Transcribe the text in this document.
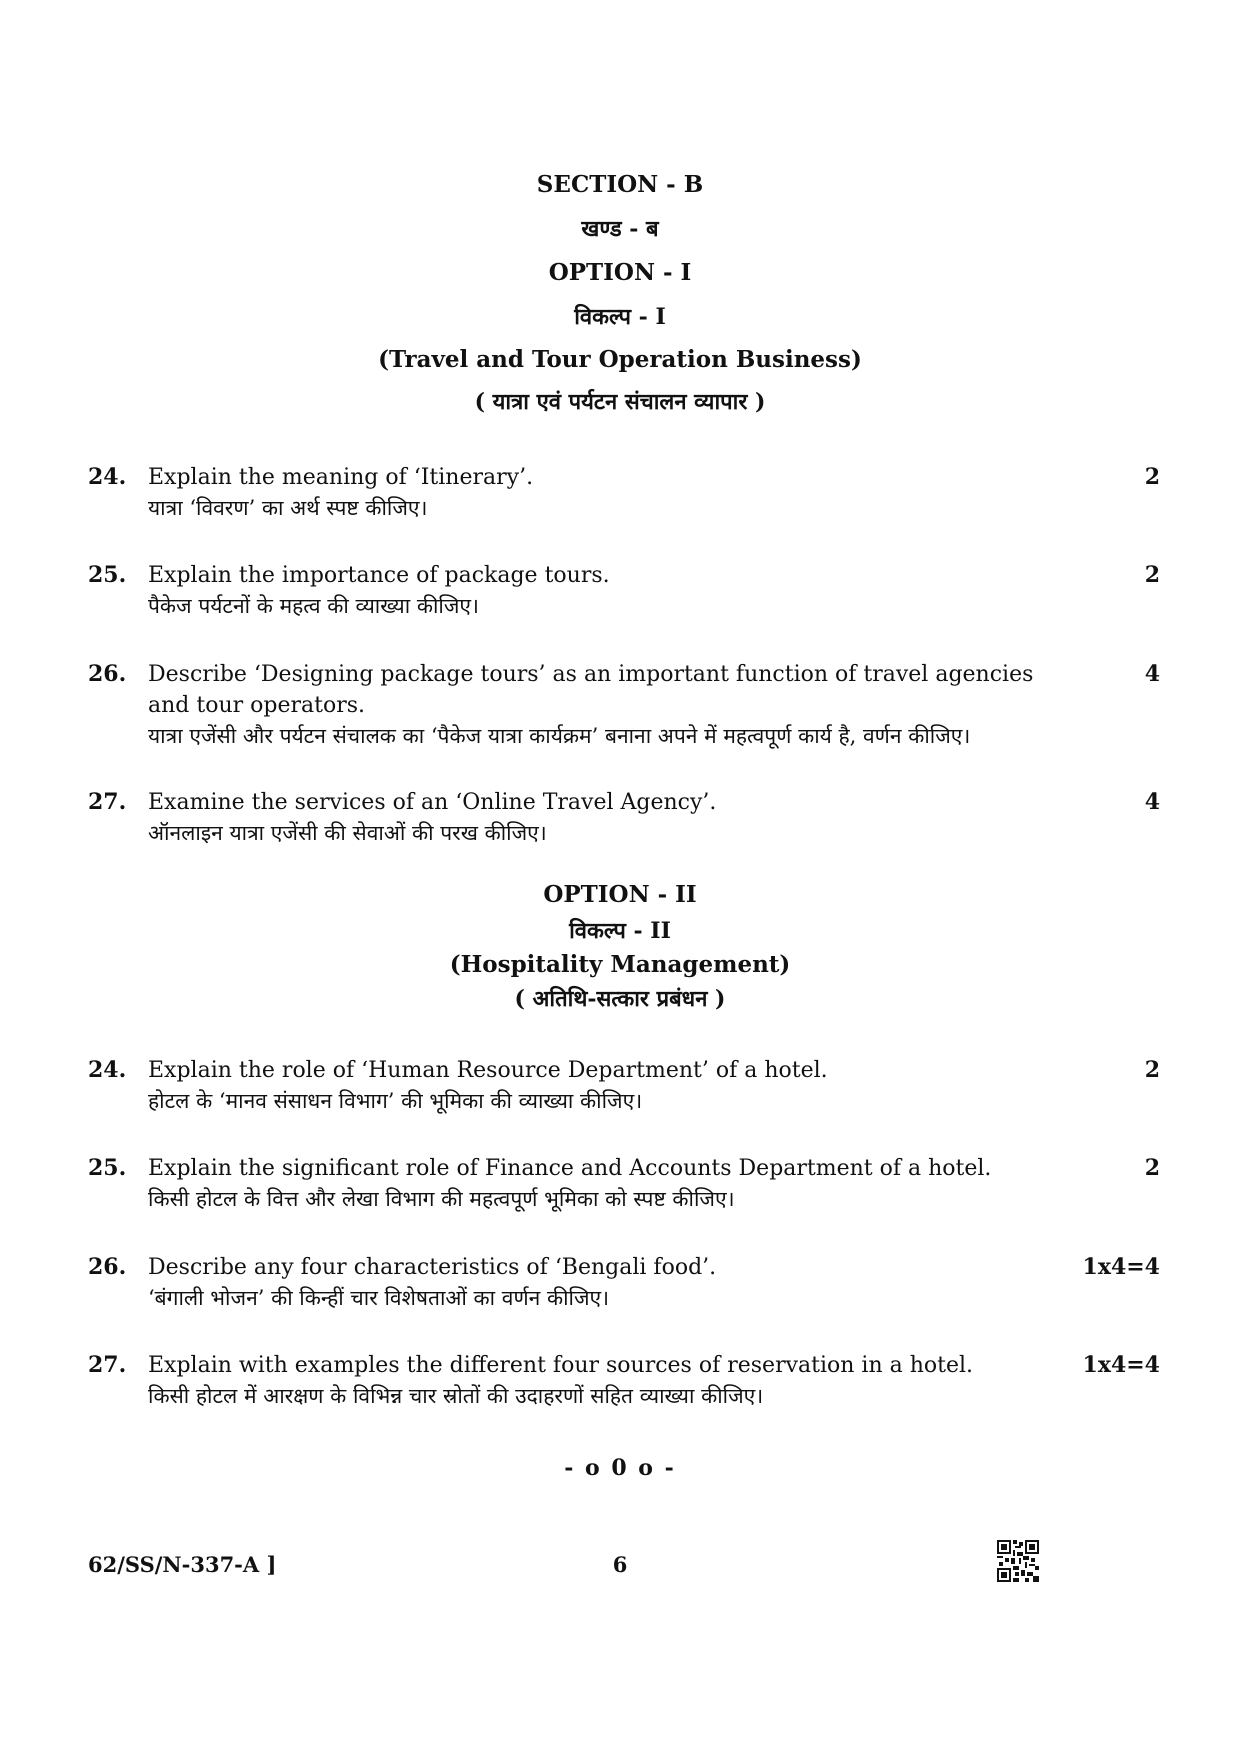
SECTION - B
खण्ड - ब
OPTION - I
विकल्प - I
(Travel and Tour Operation Business)
( यात्रा एवं पर्यटन संचालन व्यापार )
24. Explain the meaning of ‘Itinerary’.
यात्रा ‘विवरण’ का अर्थ स्पष्ट कीजिए।
2
25. Explain the importance of package tours.
पैकेज पर्यटनों के महत्व की व्याख्या कीजिए।
2
26. Describe ‘Designing package tours’ as an important function of travel agencies and tour operators.
यात्रा एजेंसी और पर्यटन संचालक का ‘पैकेज यात्रा कार्यक्रम’ बनाना अपने में महत्वपूर्ण कार्य है, वर्णन कीजिए।
4
27. Examine the services of an ‘Online Travel Agency’.
ऑनलाइन यात्रा एजेंसी की सेवाओं की परख कीजिए।
4
OPTION - II
विकल्प - II
(Hospitality Management)
( अतिथि-सत्कार प्रबंधन )
24. Explain the role of ‘Human Resource Department’ of a hotel.
होटल के ‘मानव संसाधन विभाग’ की भूमिका की व्याख्या कीजिए।
2
25. Explain the significant role of Finance and Accounts Department of a hotel.
किसी होटल के वित्त और लेखा विभाग की महत्वपूर्ण भूमिका को स्पष्ट कीजिए।
2
26. Describe any four characteristics of ‘Bengali food’.
‘बंगाली भोजन’ की किन्हीं चार विशेषताओं का वर्णन कीजिए।
1x4=4
27. Explain with examples the different four sources of reservation in a hotel.
किसी होटल में आरक्षण के विभिन्न चार स्रोतों की उदाहरणों सहित व्याख्या कीजिए।
1x4=4
- o 0 o -
62/SS/N-337-A ]	6
